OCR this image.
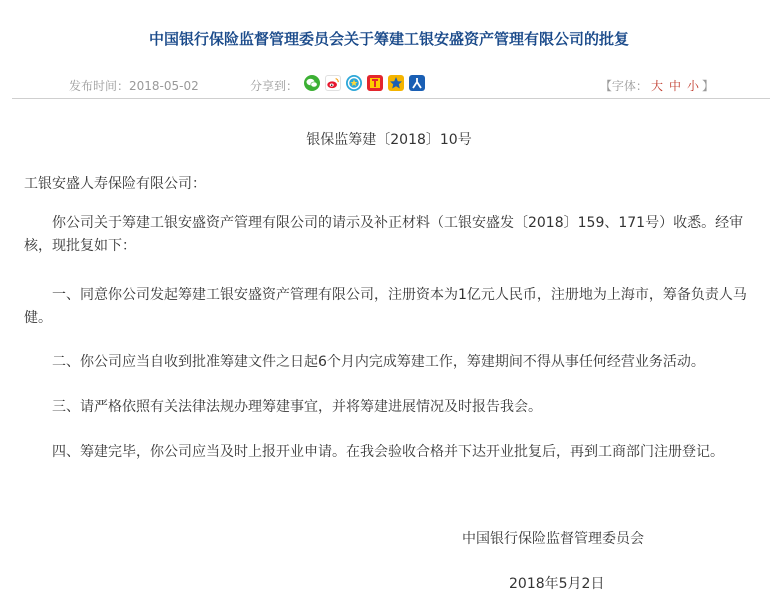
中国银行保险监督管理委员会关于筹建工银安盛资产管理有限公司的批复
发布时间：2018-05-02	分享到：	【字体： 大 中 小 】
银保监筹建〔2018〕10号

工银安盛人寿保险有限公司：

你公司关于筹建工银安盛资产管理有限公司的请示及补正材料（工银安盛发〔2018〕159、171号）收悉。经审核，现批复如下：

一、同意你公司发起筹建工银安盛资产管理有限公司，注册资本为1亿元人民币，注册地为上海市，筹备负责人马健。

二、你公司应当自收到批准筹建文件之日起6个月内完成筹建工作，筹建期间不得从事任何经营业务活动。

三、请严格依照有关法律法规办理筹建事宜，并将筹建进展情况及时报告我会。

四、筹建完毕，你公司应当及时上报开业申请。在我会验收合格并下达开业批复后，再到工商部门注册登记。

中国银行保险监督管理委员会
2018年5月2日
